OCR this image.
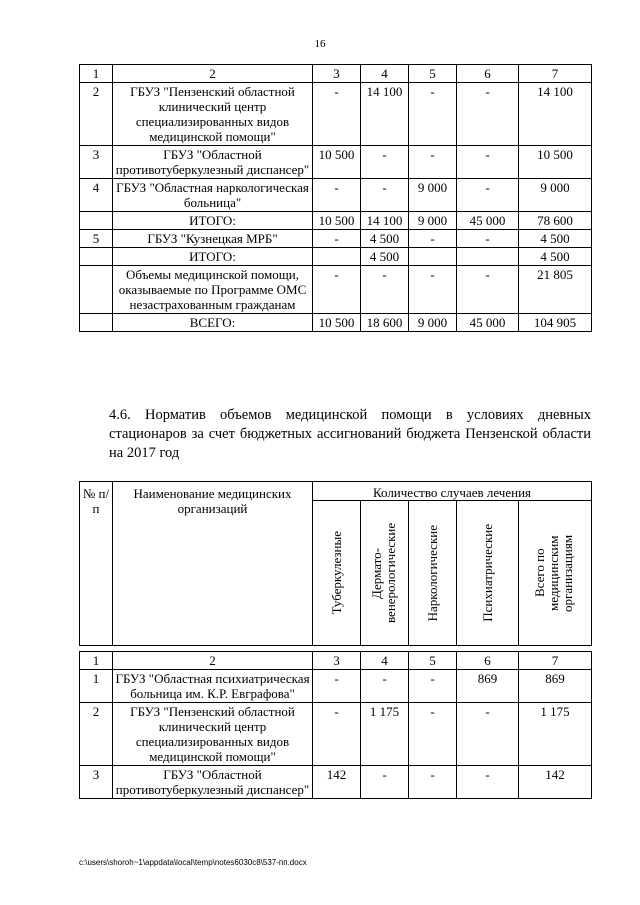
16
1	2	3	4	5	6	7
2	ГБУЗ "Пензенский областной клинический центр специализированных видов медицинской помощи"	-	14 100	-	-	14 100
3	ГБУЗ "Областной противотуберкулезный диспансер"	10 500	-	-	-	10 500
4	ГБУЗ "Областная наркологическая больница"	-	-	9 000	-	9 000
	ИТОГО:	10 500	14 100	9 000	45 000	78 600
5	ГБУЗ "Кузнецкая МРБ"	-	4 500	-	-	4 500
	ИТОГО:		4 500			4 500
	Объемы медицинской помощи, оказываемые по Программе ОМС незастрахованным гражданам	-	-	-	-	21 805
	ВСЕГО:	10 500	18 600	9 000	45 000	104 905
4.6. Норматив объемов медицинской помощи в условиях дневных стационаров за счет бюджетных ассигнований бюджета Пензенской области на 2017 год
№ п/п	Наименование медицинских организаций	Количество случаев лечения				

		Туберкулезные	Дермато-венерологические	Наркологические	Психиатрические	Всего по медицинским организациям
1	2	3	4	5	6	7
1	ГБУЗ "Областная психиатрическая больница им. К.Р. Евграфова"	-	-	-	869	869
2	ГБУЗ "Пензенский областной клинический центр специализированных видов медицинской помощи"	-	1 175	-	-	1 175
3	ГБУЗ "Областной противотуберкулезный диспансер"	142	-	-	-	142
c:\users\shoroh~1\appdata\local\temp\notes6030c8\537-пп.docx
